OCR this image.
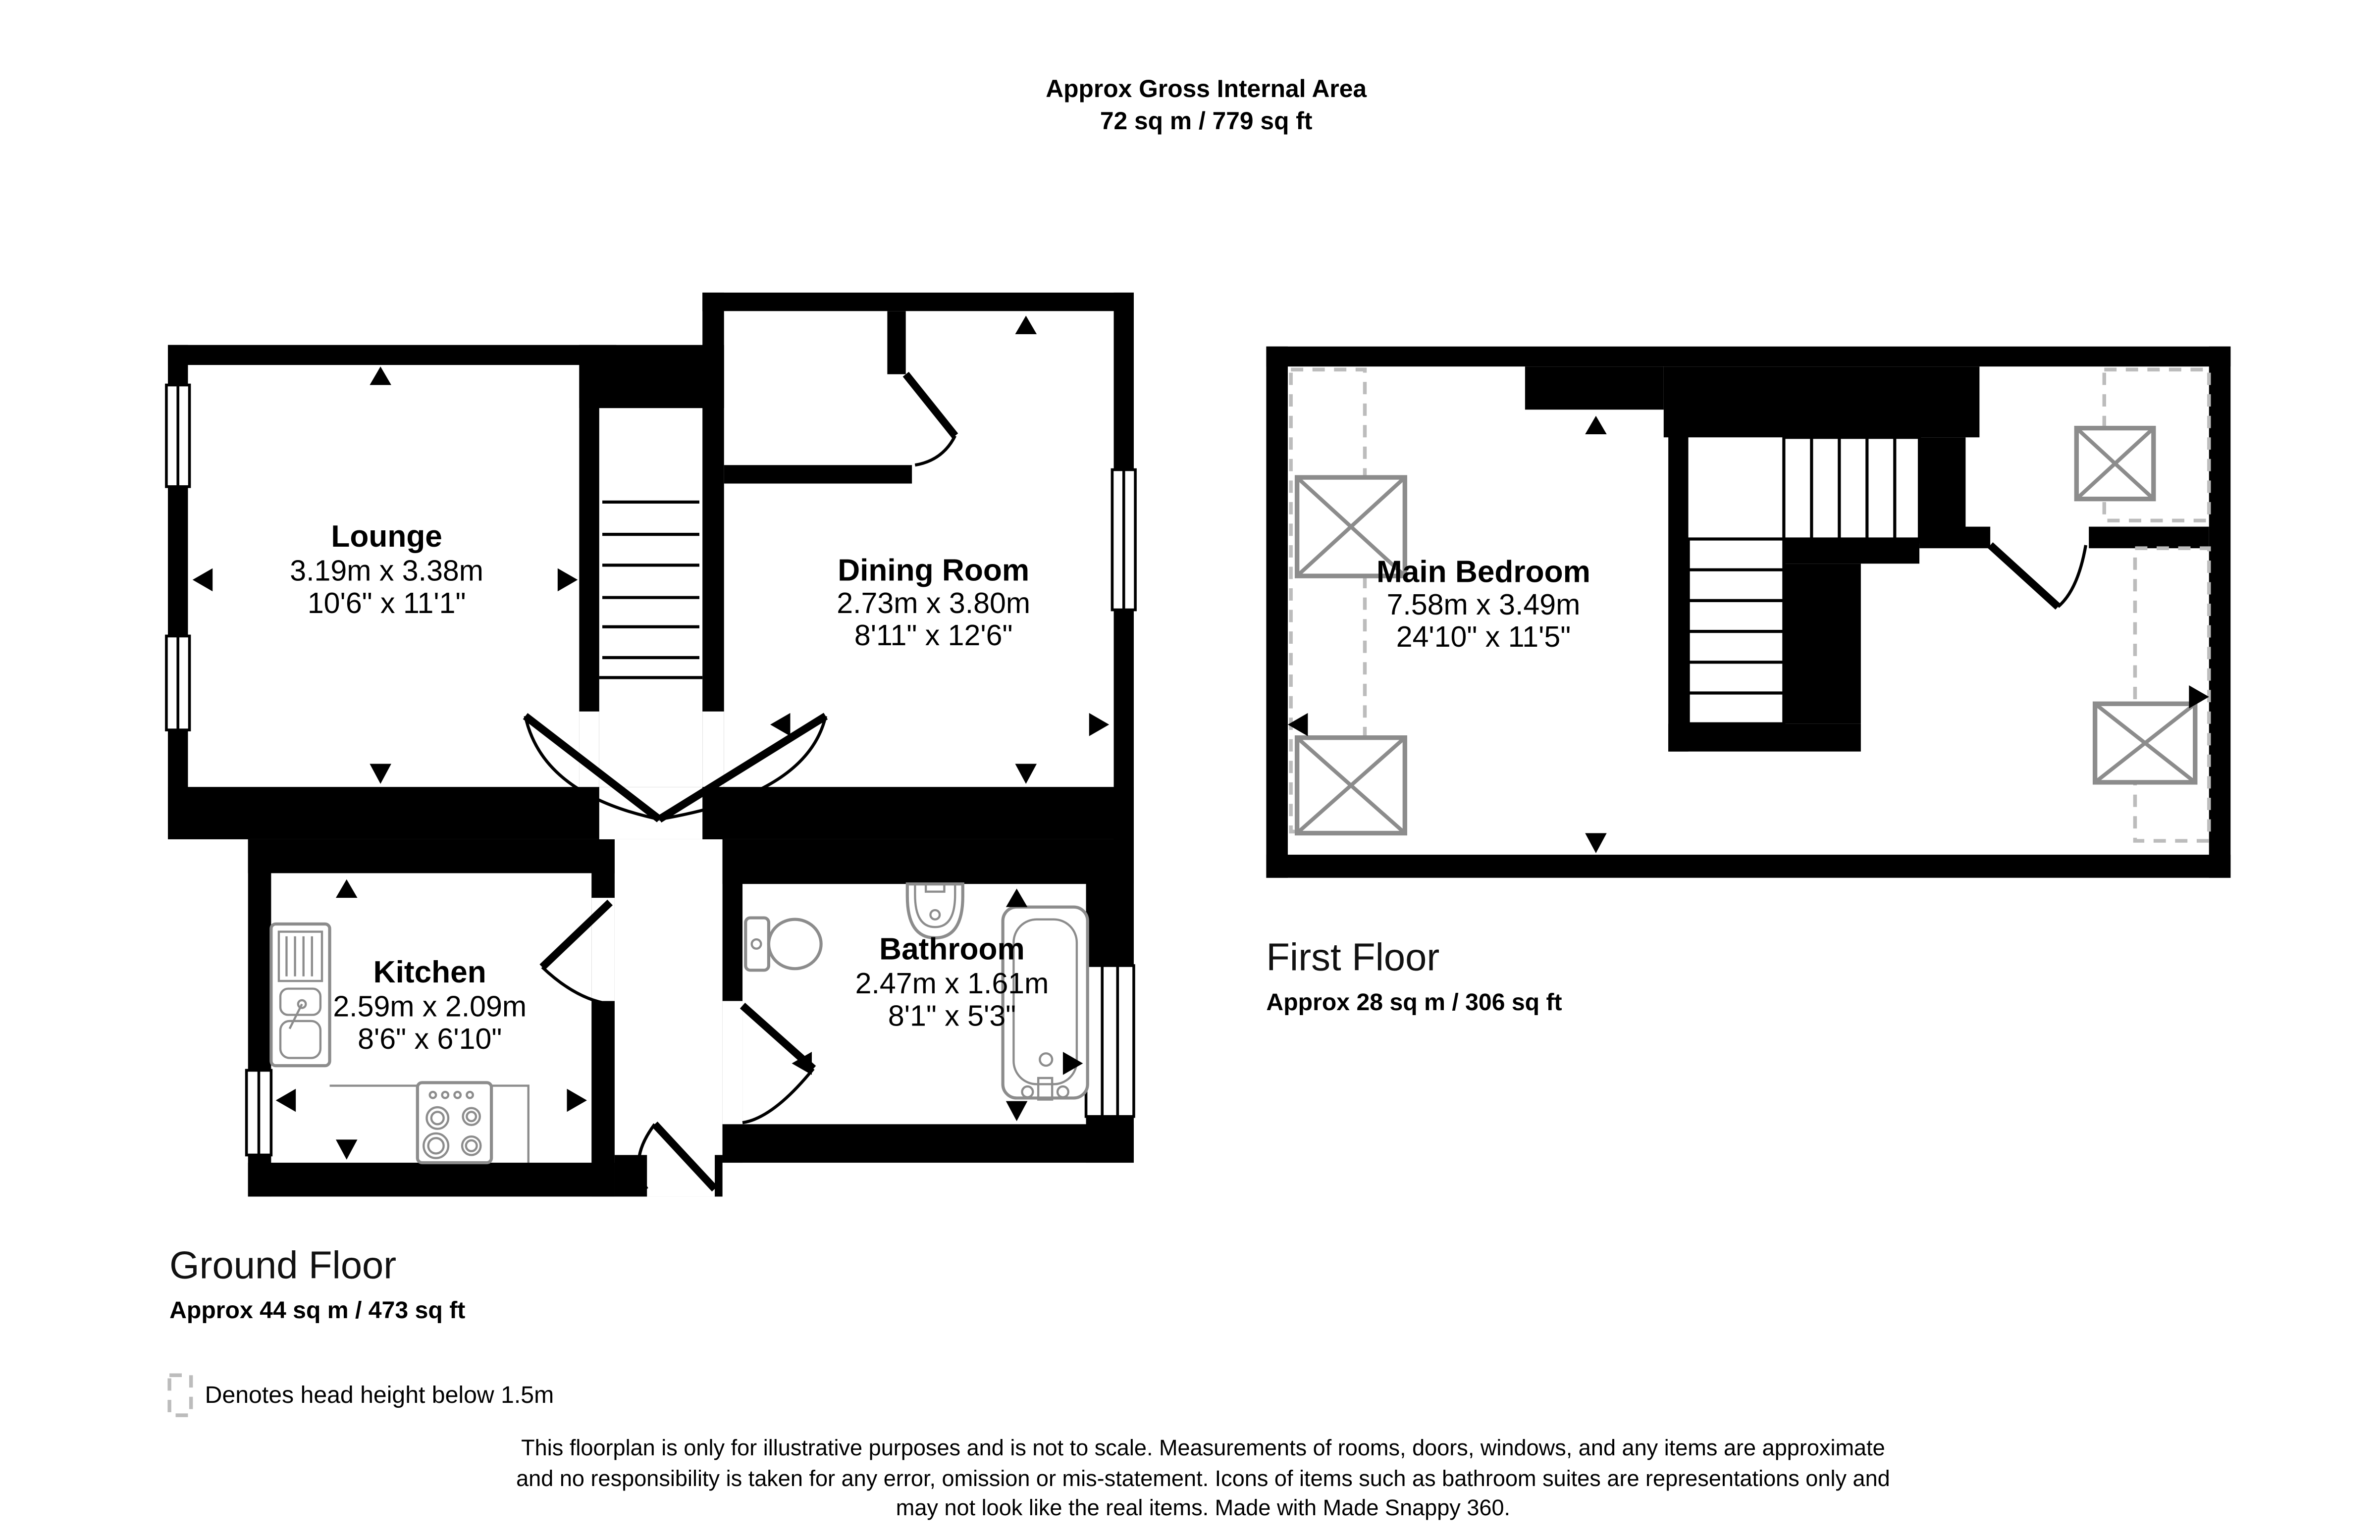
Approx Gross Internal Area
72 sq m / 779 sq ft
Lounge
3.19m x 3.38m
10'6" x 11'1"
Dining Room
2.73m x 3.80m
8'11" x 12'6"
Kitchen
2.59m x 2.09m
8'6" x 6'10"
Bathroom
2.47m x 1.61m
8'1" x 5'3"
Main Bedroom
7.58m x 3.49m
24'10" x 11'5"
Ground Floor
Approx 44 sq m / 473 sq ft
First Floor
Approx 28 sq m / 306 sq ft
Denotes head height below 1.5m
This floorplan is only for illustrative purposes and is not to scale. Measurements of rooms, doors, windows, and any items are approximate
and no responsibility is taken for any error, omission or mis-statement. Icons of items such as bathroom suites are representations only and
may not look like the real items. Made with Made Snappy 360.
